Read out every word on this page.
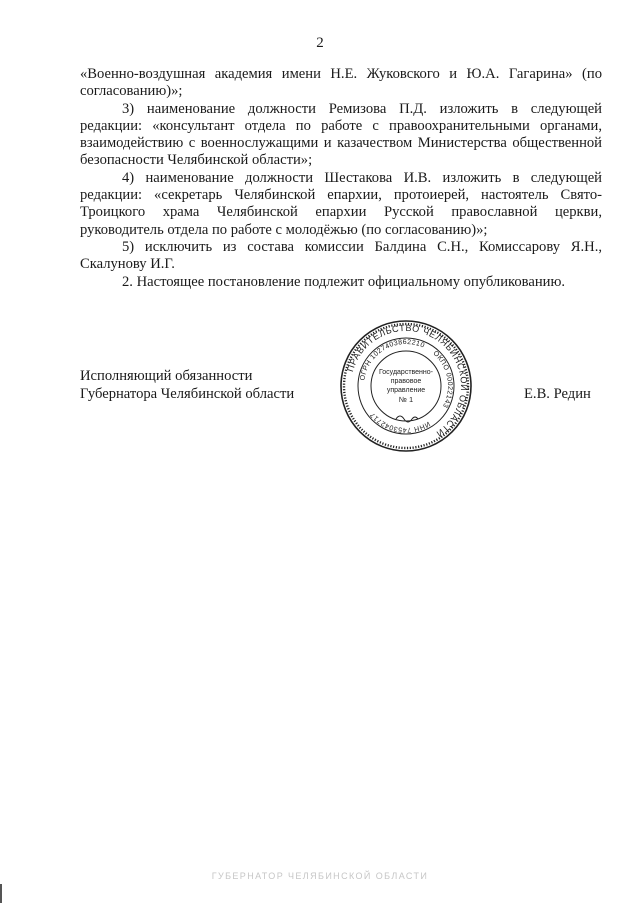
2

«Военно-воздушная академия имени Н.Е. Жуковского и Ю.А. Гагарина» (по согласованию)»;

3) наименование должности Ремизова П.Д. изложить в следующей редакции: «консультант отдела по работе с правоохранительными органами, взаимодействию с военнослужащими и казачеством Министерства общественной безопасности Челябинской области»;

4) наименование должности Шестакова И.В. изложить в следующей редакции: «секретарь Челябинской епархии, протоиерей, настоятель Свято-Троицкого храма Челябинской епархии Русской православной церкви, руководитель отдела по работе с молодёжью (по согласованию)»;

5) исключить из состава комиссии Балдина С.Н., Комиссарову Я.Н., Скалунову И.Г.

2. Настоящее постановление подлежит официальному опубликованию.

Исполняющий обязанности
Губернатора Челябинской области	Е.В. Редин
ПРАВИТЕЛЬСТВО ЧЕЛЯБИНСКОЙ ОБЛАСТИ
ОГРН 1027403862210
ОКПО 00022143
ИНН 7453042717
Государственно-
правовое
управление
№ 1
ГУБЕРНАТОР ЧЕЛЯБИНСКОЙ ОБЛАСТИ
